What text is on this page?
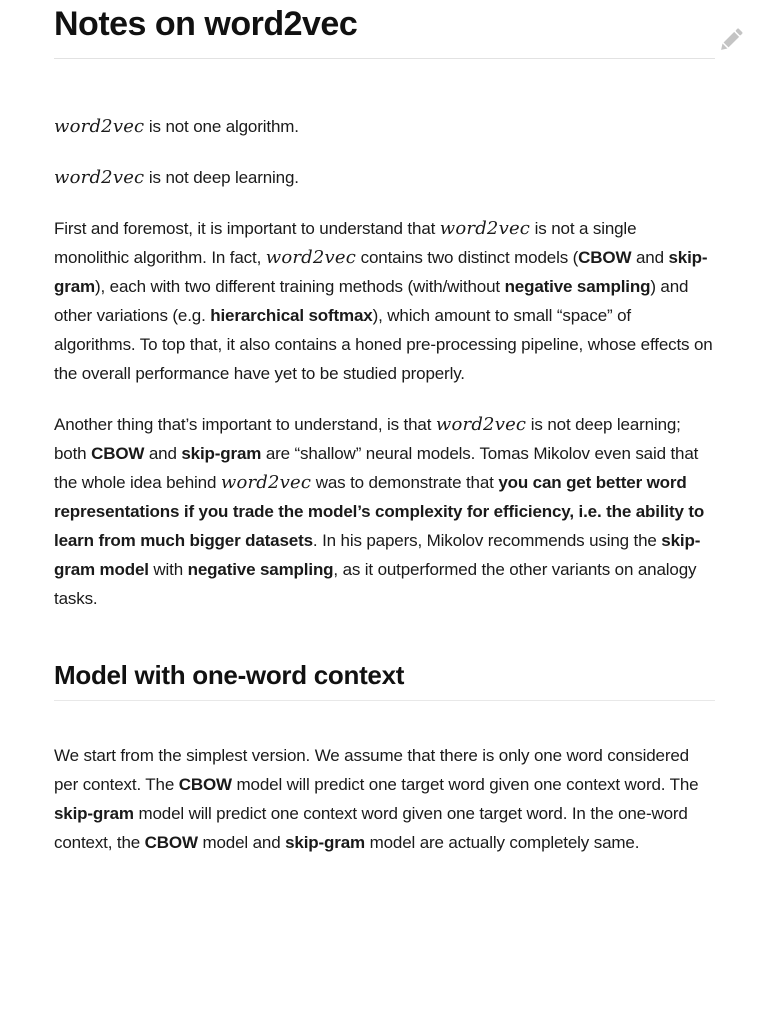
Notes on word2vec

word2vec is not one algorithm.

word2vec is not deep learning.

First and foremost, it is important to understand that word2vec is not a single monolithic algorithm. In fact, word2vec contains two distinct models (CBOW and skip-gram), each with two different training methods (with/without negative sampling) and other variations (e.g. hierarchical softmax), which amount to small “space” of algorithms. To top that, it also contains a honed pre-processing pipeline, whose effects on the overall performance have yet to be studied properly.

Another thing that’s important to understand, is that word2vec is not deep learning; both CBOW and skip-gram are “shallow” neural models. Tomas Mikolov even said that the whole idea behind word2vec was to demonstrate that you can get better word representations if you trade the model’s complexity for efficiency, i.e. the ability to learn from much bigger datasets. In his papers, Mikolov recommends using the skip-gram model with negative sampling, as it outperformed the other variants on analogy tasks.

Model with one-word context

We start from the simplest version. We assume that there is only one word considered per context. The CBOW model will predict one target word given one context word. The skip-gram model will predict one context word given one target word. In the one-word context, the CBOW model and skip-gram model are actually completely same.
